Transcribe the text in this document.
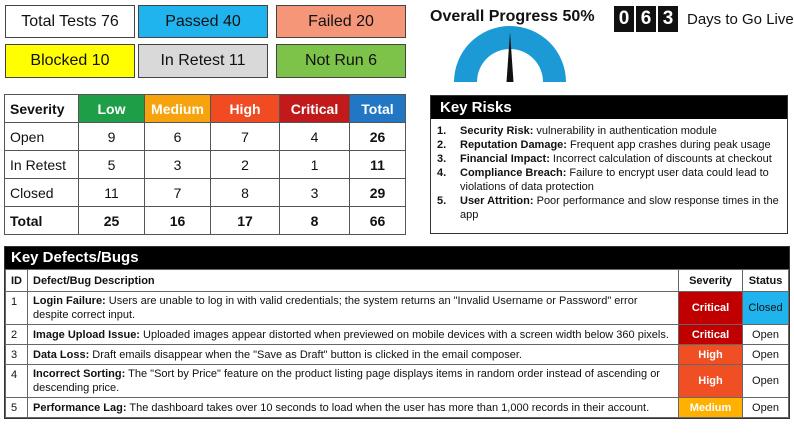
Total Tests 76	Passed 40	Failed 20
Blocked 10	In Retest 11	Not Run 6
Overall Progress 50% 0 6 3 Days to Go Live
Severity	Low	Medium	High	Critical	Total
Open	9	6	7	4	26
In Retest	5	3	2	1	11
Closed	11	7	8	3	29
Total	25	16	17	8	66
Key Risks
1.	Security Risk: vulnerability in authentication module
2.	Reputation Damage: Frequent app crashes during peak usage
3.	Financial Impact: Incorrect calculation of discounts at checkout
4.	Compliance Breach: Failure to encrypt user data could lead to violations of data protection
5.	User Attrition: Poor performance and slow response times in the app
Key Defects/Bugs
ID	Defect/Bug Description	Severity	Status
1	Login Failure: Users are unable to log in with valid credentials; the system returns an "Invalid Username or Password" error despite correct input.	Critical	Closed
2	Image Upload Issue: Uploaded images appear distorted when previewed on mobile devices with a screen width below 360 pixels.	Critical	Open
3	Data Loss: Draft emails disappear when the "Save as Draft" button is clicked in the email composer.	High	Open
4	Incorrect Sorting: The "Sort by Price" feature on the product listing page displays items in random order instead of ascending or descending price.	High	Open
5	Performance Lag: The dashboard takes over 10 seconds to load when the user has more than 1,000 records in their account.	Medium	Open
